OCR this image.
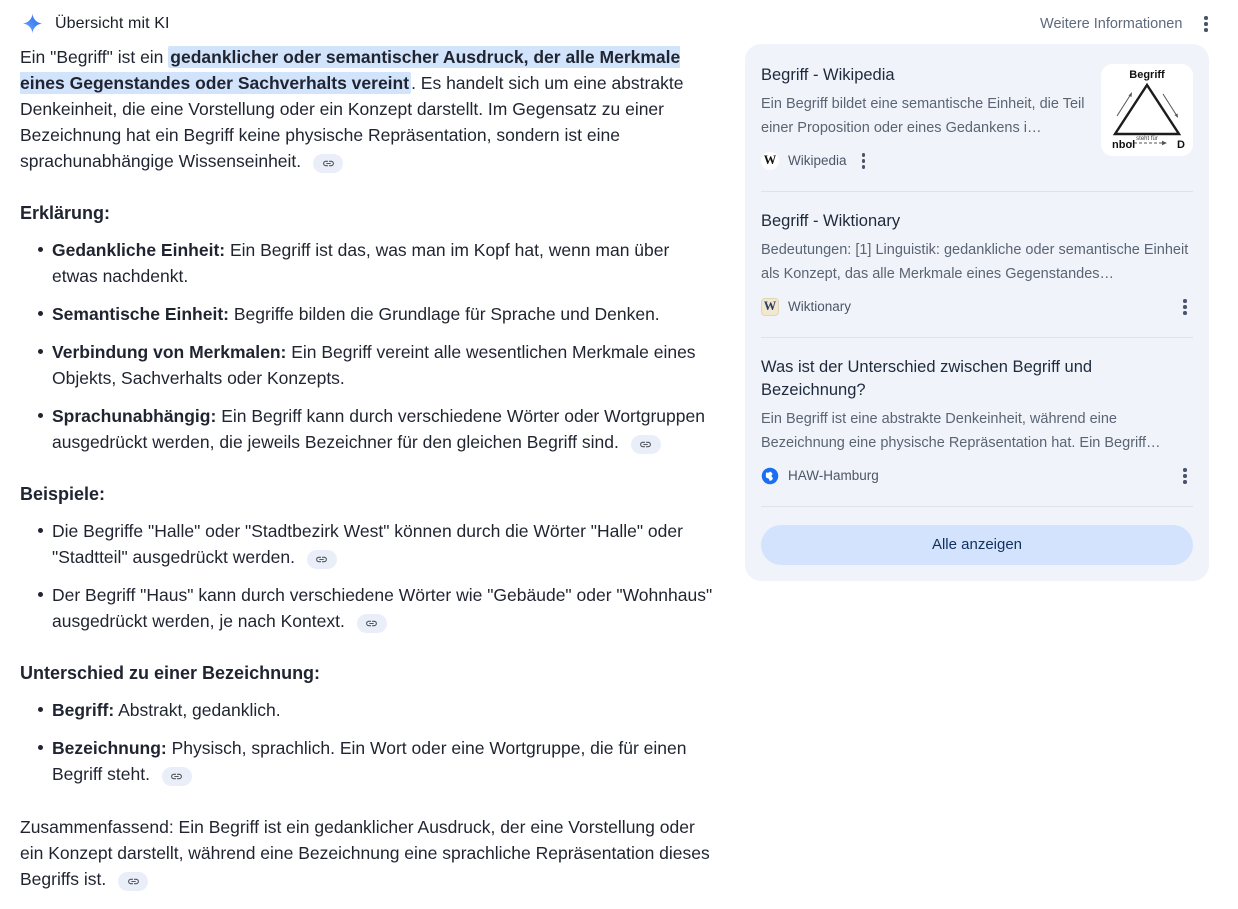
Übersicht mit KI	Weitere Informationen

Ein "Begriff" ist ein gedanklicher oder semantischer Ausdruck, der alle Merkmale eines Gegenstandes oder Sachverhalts vereint . Es handelt sich um eine abstrakte Denkeinheit, die eine Vorstellung oder ein Konzept darstellt. Im Gegensatz zu einer Bezeichnung hat ein Begriff keine physische Repräsentation, sondern ist eine sprachunabhängige Wissenseinheit.

Erklärung:
Gedankliche Einheit: Ein Begriff ist das, was man im Kopf hat, wenn man über etwas nachdenkt.
Semantische Einheit: Begriffe bilden die Grundlage für Sprache und Denken.
Verbindung von Merkmalen: Ein Begriff vereint alle wesentlichen Merkmale eines Objekts, Sachverhalts oder Konzepts.
Sprachunabhängig: Ein Begriff kann durch verschiedene Wörter oder Wortgruppen ausgedrückt werden, die jeweils Bezeichner für den gleichen Begriff sind.
Beispiele:
Die Begriffe "Halle" oder "Stadtbezirk West" können durch die Wörter "Halle" oder "Stadtteil" ausgedrückt werden.
Der Begriff "Haus" kann durch verschiedene Wörter wie "Gebäude" oder "Wohnhaus" ausgedrückt werden, je nach Kontext.
Unterschied zu einer Bezeichnung:
Begriff: Abstrakt, gedanklich.
Bezeichnung: Physisch, sprachlich. Ein Wort oder eine Wortgruppe, die für einen Begriff steht.

Zusammenfassend: Ein Begriff ist ein gedanklicher Ausdruck, der eine Vorstellung oder ein Konzept darstellt, während eine Bezeichnung eine sprachliche Repräsentation dieses Begriffs ist.

Begriff - Wikipedia

Ein Begriff bildet eine semantische Einheit, die Teil einer Proposition oder eines Gedankens i…

W Wikipedia
Begriff
nbol	D
steht für

Begriff - Wiktionary

Bedeutungen: [1] Linguistik: gedankliche oder semantische Einheit als Konzept, das alle Merkmale eines Gegenstandes…

W Wiktionary

Was ist der Unterschied zwischen Begriff und Bezeichnung?

Ein Begriff ist eine abstrakte Denkeinheit, während eine Bezeichnung eine physische Repräsentation hat. Ein Begriff…

HAW-Hamburg
Alle anzeigen
